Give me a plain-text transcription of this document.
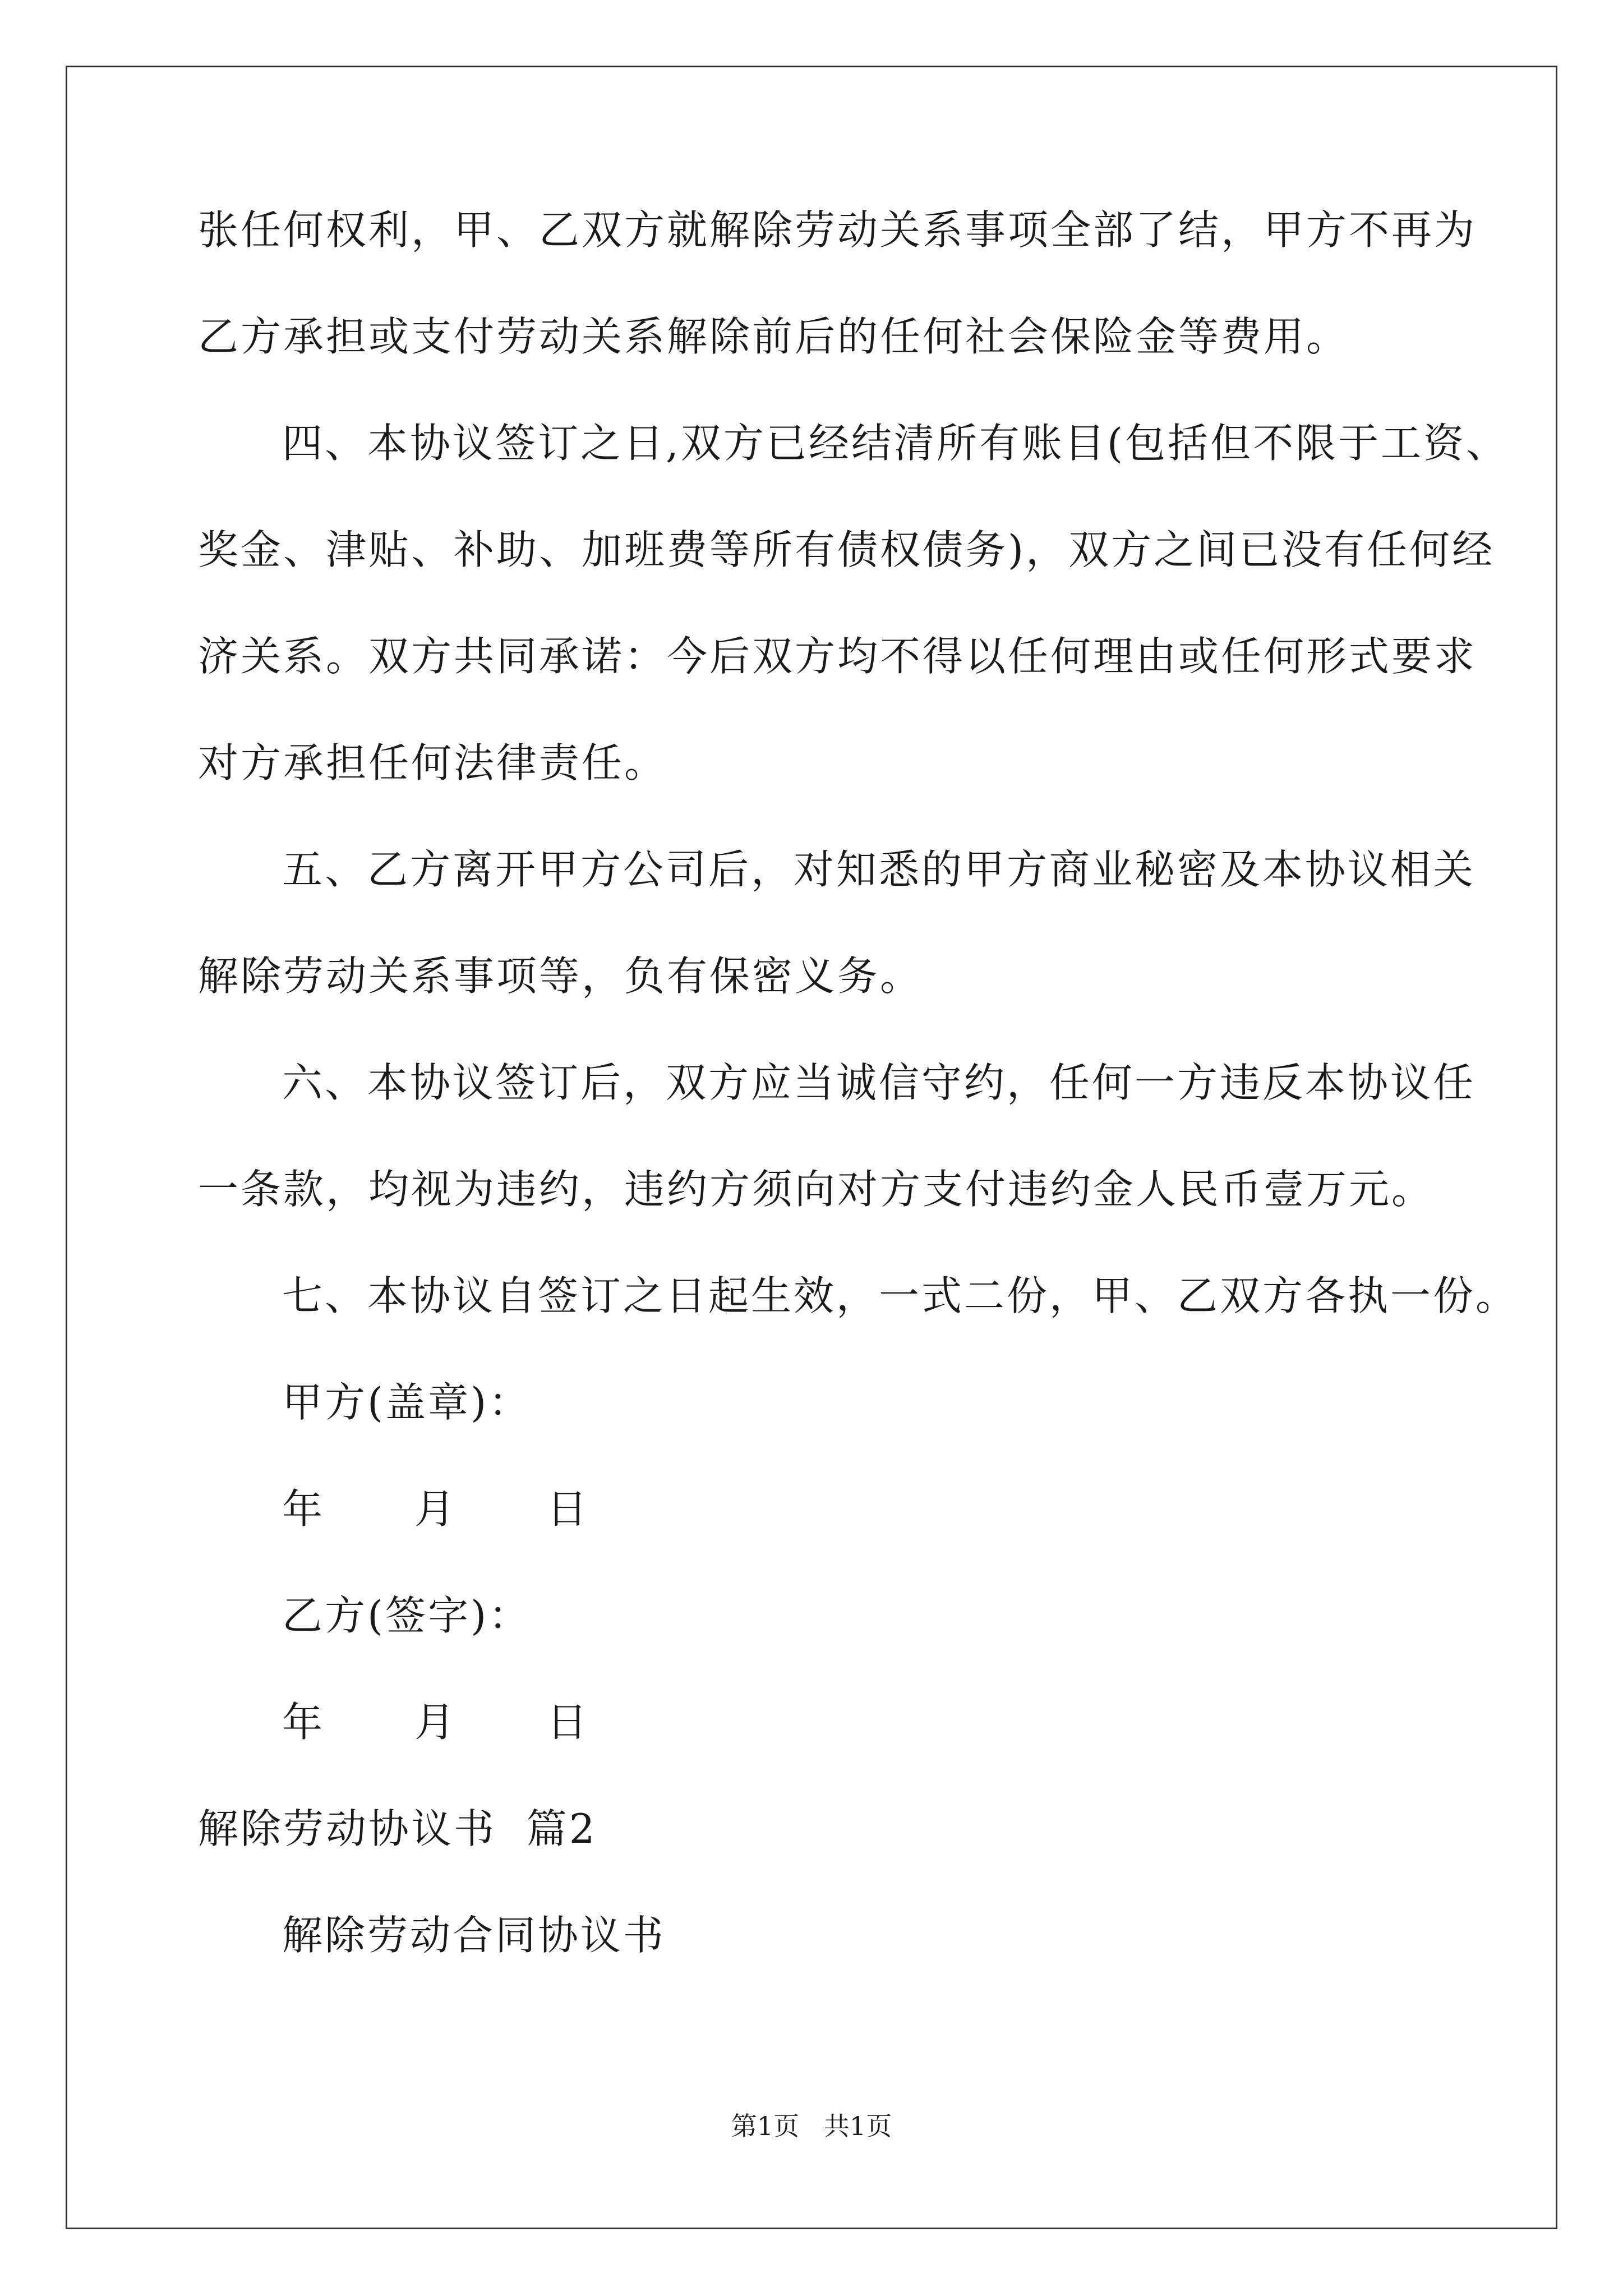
张任何权利，甲、乙双方就解除劳动关系事项全部了结，甲方不再为
乙方承担或支付劳动关系解除前后的任何社会保险金等费用。
四、本协议签订之日,双方已经结清所有账目(包括但不限于工资、
奖金、津贴、补助、加班费等所有债权债务)，双方之间已没有任何经
济关系。双方共同承诺：今后双方均不得以任何理由或任何形式要求
对方承担任何法律责任。
五、乙方离开甲方公司后，对知悉的甲方商业秘密及本协议相关
解除劳动关系事项等，负有保密义务。
六、本协议签订后，双方应当诚信守约，任何一方违反本协议任
一条款，均视为违约，违约方须向对方支付违约金人民币壹万元。
七、本协议自签订之日起生效，一式二份，甲、乙双方各执一份。
甲方(盖章)：
年 月 日
乙方(签字)：
年 月 日
解除劳动协议书  篇2
解除劳动合同协议书
第1页   共1页
